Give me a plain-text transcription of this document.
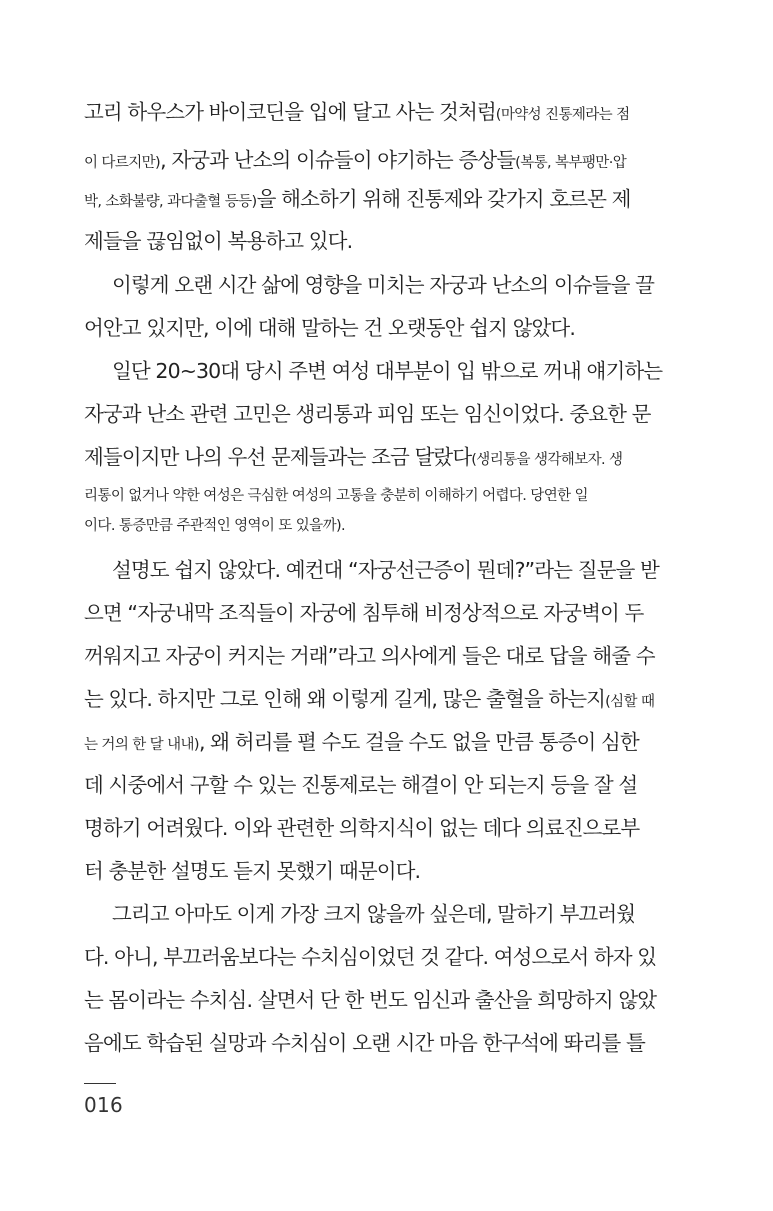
고리 하우스가 바이코딘을 입에 달고 사는 것처럼(마약성 진통제라는 점
이 다르지만), 자궁과 난소의 이슈들이 야기하는 증상들(복통, 복부팽만·압
박, 소화불량, 과다출혈 등등)을 해소하기 위해 진통제와 갖가지 호르몬 제
제들을 끊임없이 복용하고 있다.
이렇게 오랜 시간 삶에 영향을 미치는 자궁과 난소의 이슈들을 끌
어안고 있지만, 이에 대해 말하는 건 오랫동안 쉽지 않았다.
일단 20~30대 당시 주변 여성 대부분이 입 밖으로 꺼내 얘기하는
자궁과 난소 관련 고민은 생리통과 피임 또는 임신이었다. 중요한 문
제들이지만 나의 우선 문제들과는 조금 달랐다(생리통을 생각해보자. 생
리통이 없거나 약한 여성은 극심한 여성의 고통을 충분히 이해하기 어렵다. 당연한 일
이다. 통증만큼 주관적인 영역이 또 있을까).
설명도 쉽지 않았다. 예컨대 “자궁선근증이 뭔데?”라는 질문을 받
으면 “자궁내막 조직들이 자궁에 침투해 비정상적으로 자궁벽이 두
꺼워지고 자궁이 커지는 거래”라고 의사에게 들은 대로 답을 해줄 수
는 있다. 하지만 그로 인해 왜 이렇게 길게, 많은 출혈을 하는지(심할 때
는 거의 한 달 내내), 왜 허리를 펼 수도 걸을 수도 없을 만큼 통증이 심한
데 시중에서 구할 수 있는 진통제로는 해결이 안 되는지 등을 잘 설
명하기 어려웠다. 이와 관련한 의학지식이 없는 데다 의료진으로부
터 충분한 설명도 듣지 못했기 때문이다.
그리고 아마도 이게 가장 크지 않을까 싶은데, 말하기 부끄러웠
다. 아니, 부끄러움보다는 수치심이었던 것 같다. 여성으로서 하자 있
는 몸이라는 수치심. 살면서 단 한 번도 임신과 출산을 희망하지 않았
음에도 학습된 실망과 수치심이 오랜 시간 마음 한구석에 똬리를 틀
016
